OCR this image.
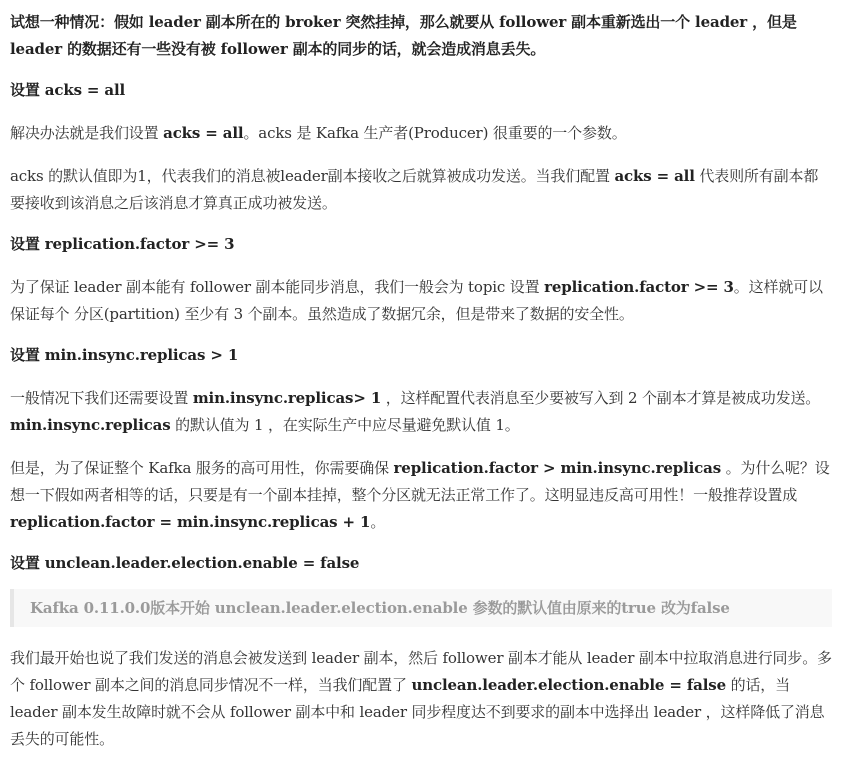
试想一种情况：假如 leader 副本所在的 broker 突然挂掉，那么就要从 follower 副本重新选出一个 leader ，但是 leader 的数据还有一些没有被 follower 副本的同步的话，就会造成消息丢失。

设置 acks = all

解决办法就是我们设置 acks = all。acks 是 Kafka 生产者(Producer) 很重要的一个参数。

acks 的默认值即为1，代表我们的消息被leader副本接收之后就算被成功发送。当我们配置 acks = all 代表则所有副本都要接收到该消息之后该消息才算真正成功被发送。

设置 replication.factor >= 3

为了保证 leader 副本能有 follower 副本能同步消息，我们一般会为 topic 设置 replication.factor >= 3。这样就可以保证每个 分区(partition) 至少有 3 个副本。虽然造成了数据冗余，但是带来了数据的安全性。

设置 min.insync.replicas > 1

一般情况下我们还需要设置 min.insync.replicas> 1 ，这样配置代表消息至少要被写入到 2 个副本才算是被成功发送。min.insync.replicas 的默认值为 1 ，在实际生产中应尽量避免默认值 1。

但是，为了保证整个 Kafka 服务的高可用性，你需要确保 replication.factor > min.insync.replicas 。为什么呢？设想一下假如两者相等的话，只要是有一个副本挂掉，整个分区就无法正常工作了。这明显违反高可用性！一般推荐设置成 replication.factor = min.insync.replicas + 1。

设置 unclean.leader.election.enable = false

Kafka 0.11.0.0版本开始 unclean.leader.election.enable 参数的默认值由原来的true 改为false

我们最开始也说了我们发送的消息会被发送到 leader 副本，然后 follower 副本才能从 leader 副本中拉取消息进行同步。多个 follower 副本之间的消息同步情况不一样，当我们配置了 unclean.leader.election.enable = false 的话，当 leader 副本发生故障时就不会从 follower 副本中和 leader 同步程度达不到要求的副本中选择出 leader ，这样降低了消息丢失的可能性。
